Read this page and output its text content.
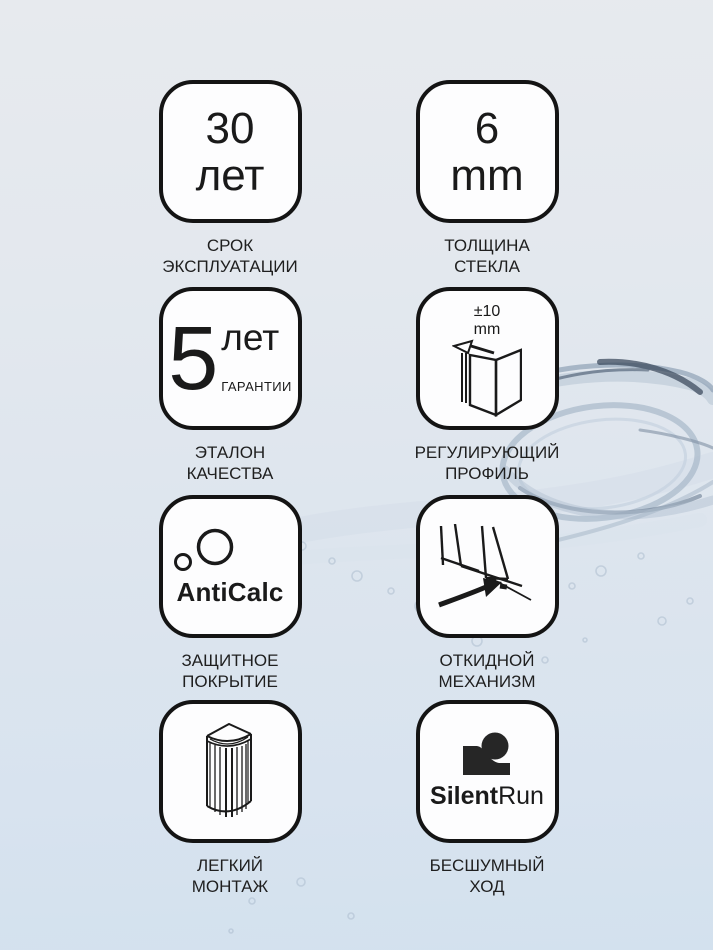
30
лет
СРОК
ЭКСПЛУАТАЦИИ
6
mm
ТОЛЩИНА
СТЕКЛА
5 лет
ГАРАНТИИ
ЭТАЛОН
КАЧЕСТВА
±10
mm
РЕГУЛИРУЮЩИЙ
ПРОФИЛЬ
AntiCalc
ЗАЩИТНОЕ
ПОКРЫТИЕ
ОТКИДНОЙ
МЕХАНИЗМ
ЛЕГКИЙ
МОНТАЖ
SilentRun
БЕСШУМНЫЙ
ХОД
